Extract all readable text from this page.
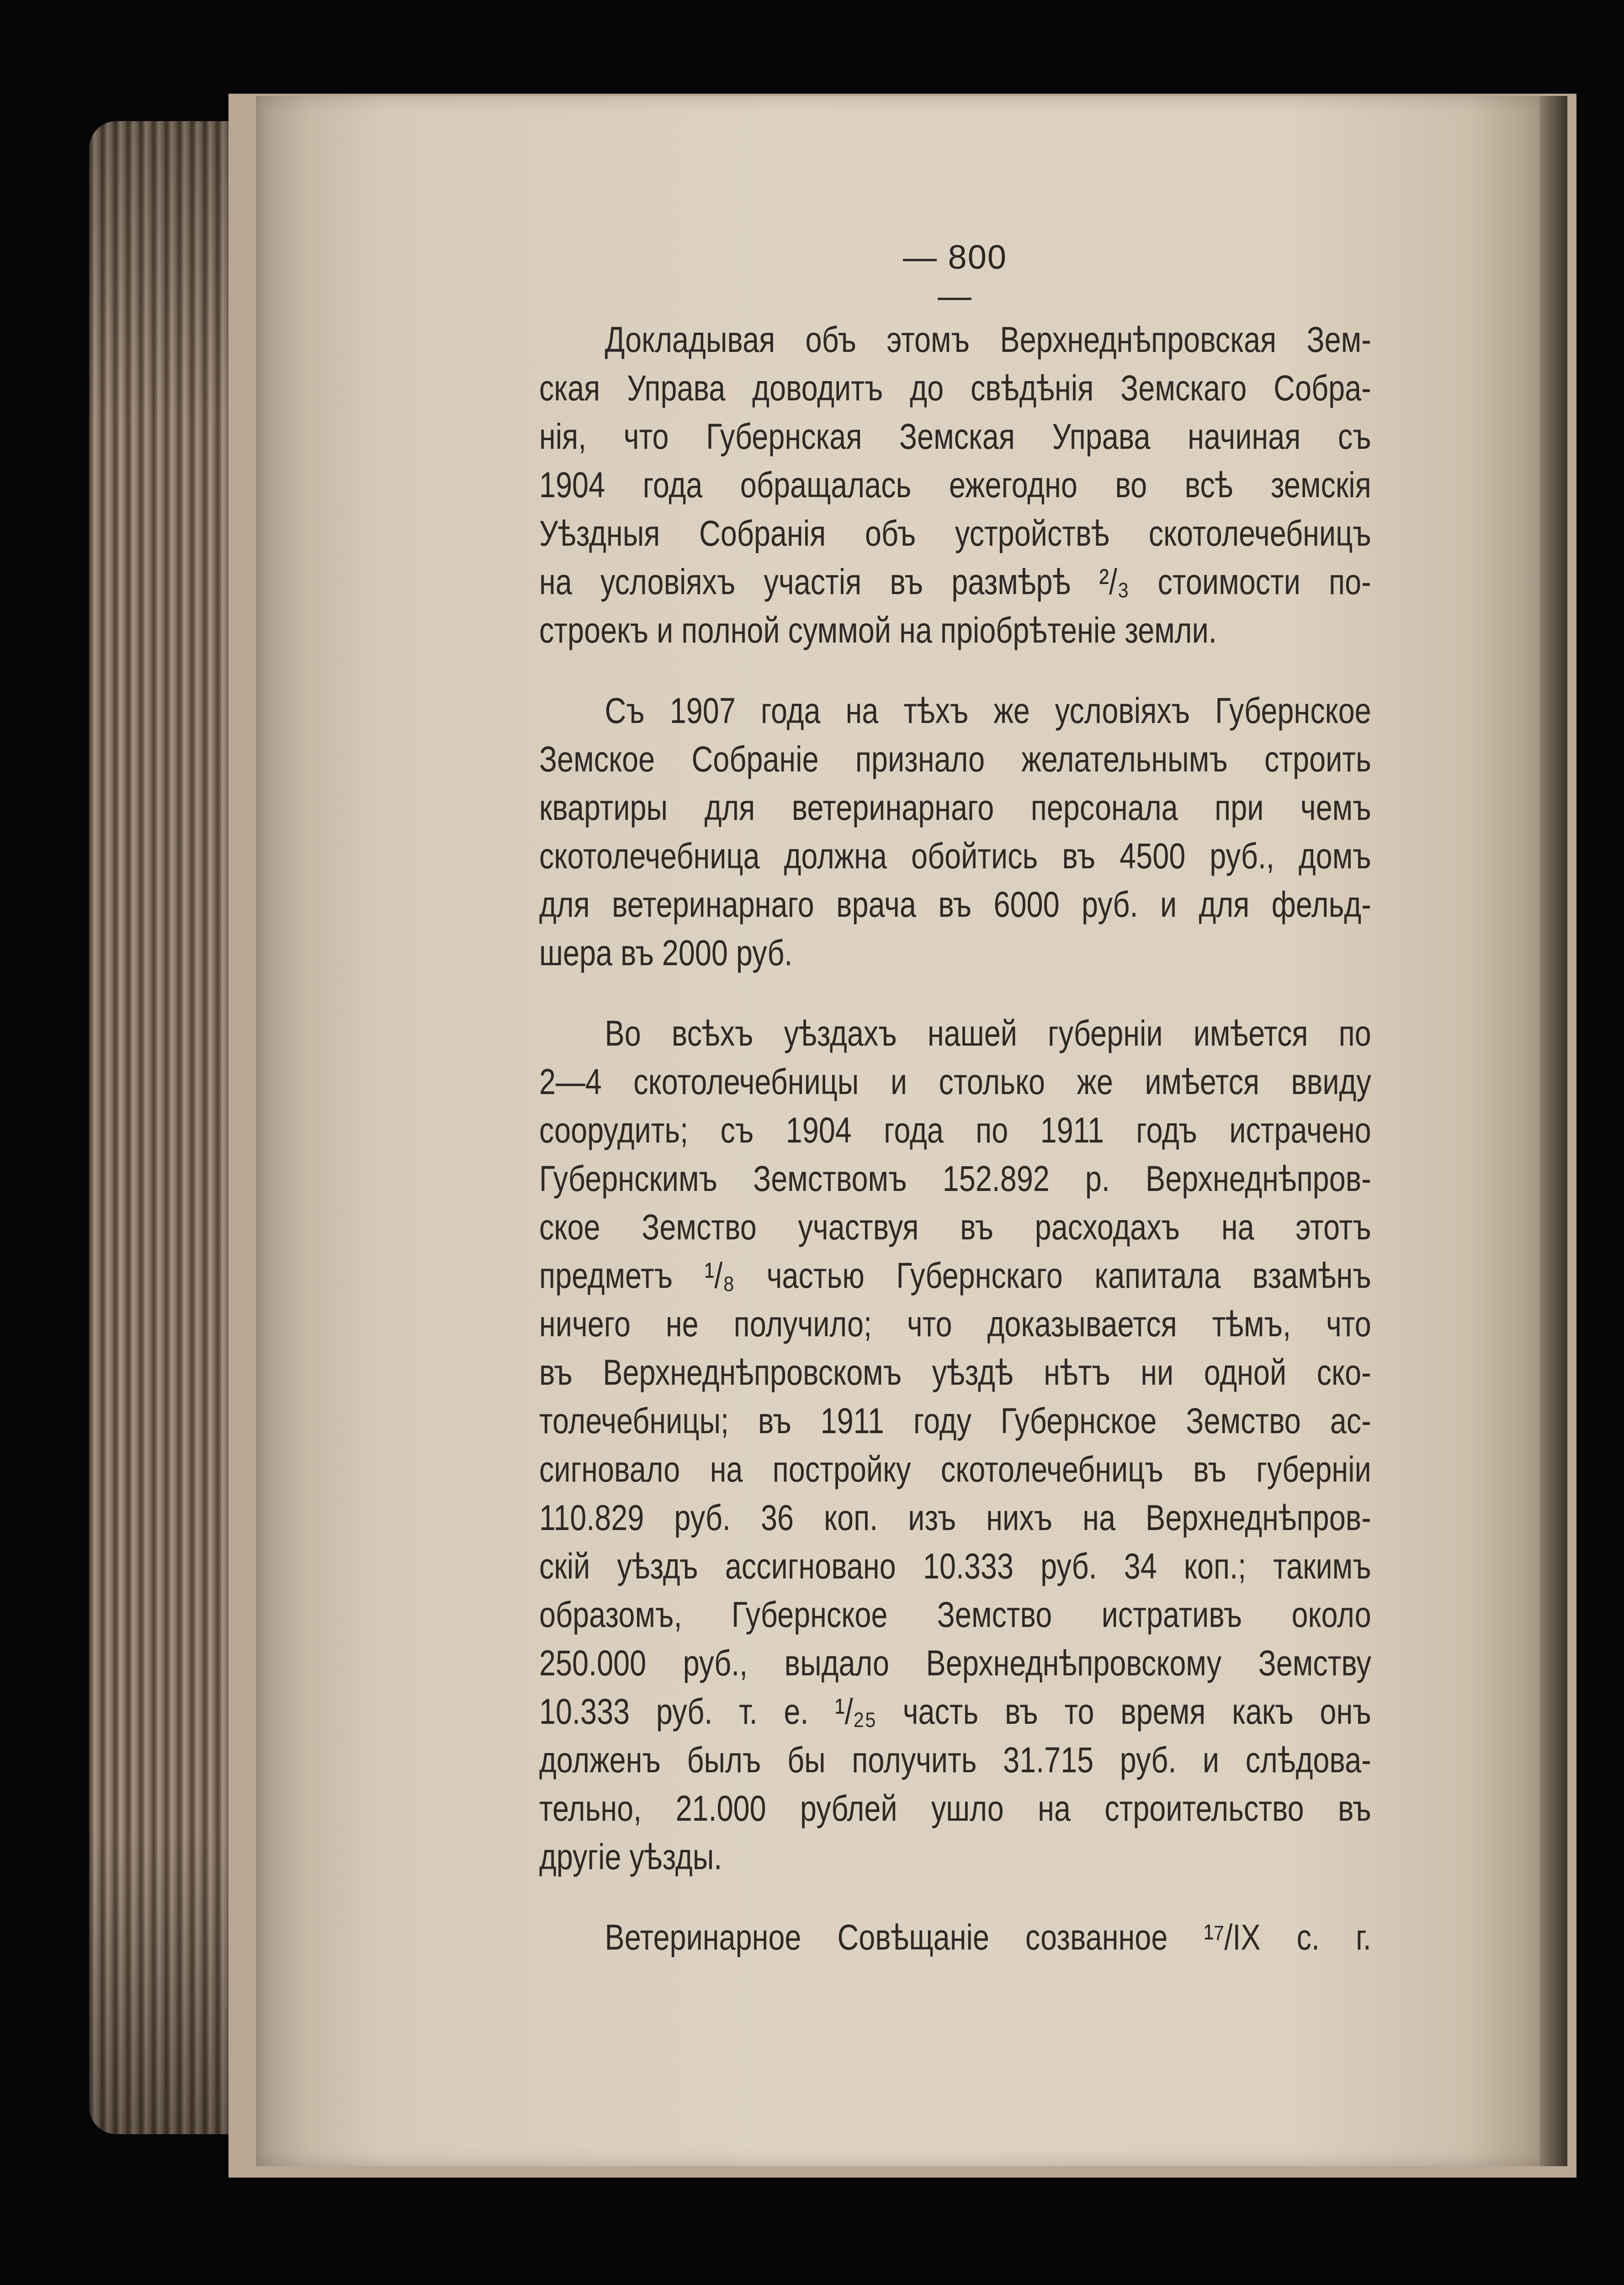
— 800 —

Докладывая объ этомъ Верхнеднѣпровская Зем-
ская Управа доводитъ до свѣдѣнія Земскаго Собра-
нія, что Губернская Земская Управа начиная съ
1904 года обращалась ежегодно во всѣ земскія
Уѣздныя Собранія объ устройствѣ скотолечебницъ
на условіяхъ участія въ размѣрѣ ²/₃ стоимости по-
строекъ и полной суммой на пріобрѣтеніе земли.

Съ 1907 года на тѣхъ же условіяхъ Губернское
Земское Собраніе признало желательнымъ строить
квартиры для ветеринарнаго персонала при чемъ
скотолечебница должна обойтись въ 4500 руб., домъ
для ветеринарнаго врача въ 6000 руб. и для фельд-
шера въ 2000 руб.

Во всѣхъ уѣздахъ нашей губерніи имѣется по
2—4 скотолечебницы и столько же имѣется ввиду
соорудить; съ 1904 года по 1911 годъ истрачено
Губернскимъ Земствомъ 152.892 р. Верхнеднѣпров-
ское Земство участвуя въ расходахъ на этотъ
предметъ ¹/₈ частью Губернскаго капитала взамѣнъ
ничего не получило; что доказывается тѣмъ, что
въ Верхнеднѣпровскомъ уѣздѣ нѣтъ ни одной ско-
толечебницы; въ 1911 году Губернское Земство ас-
сигновало на постройку скотолечебницъ въ губерніи
110.829 руб. 36 коп. изъ нихъ на Верхнеднѣпров-
скій уѣздъ ассигновано 10.333 руб. 34 коп.; такимъ
образомъ, Губернское Земство истративъ около
250.000 руб., выдало Верхнеднѣпровскому Земству
10.333 руб. т. е. ¹/₂₅ часть въ то время какъ онъ
долженъ былъ бы получить 31.715 руб. и слѣдова-
тельно, 21.000 рублей ушло на строительство въ
другіе уѣзды.

Ветеринарное Совѣщаніе созванное ¹⁷/IX с. г.
